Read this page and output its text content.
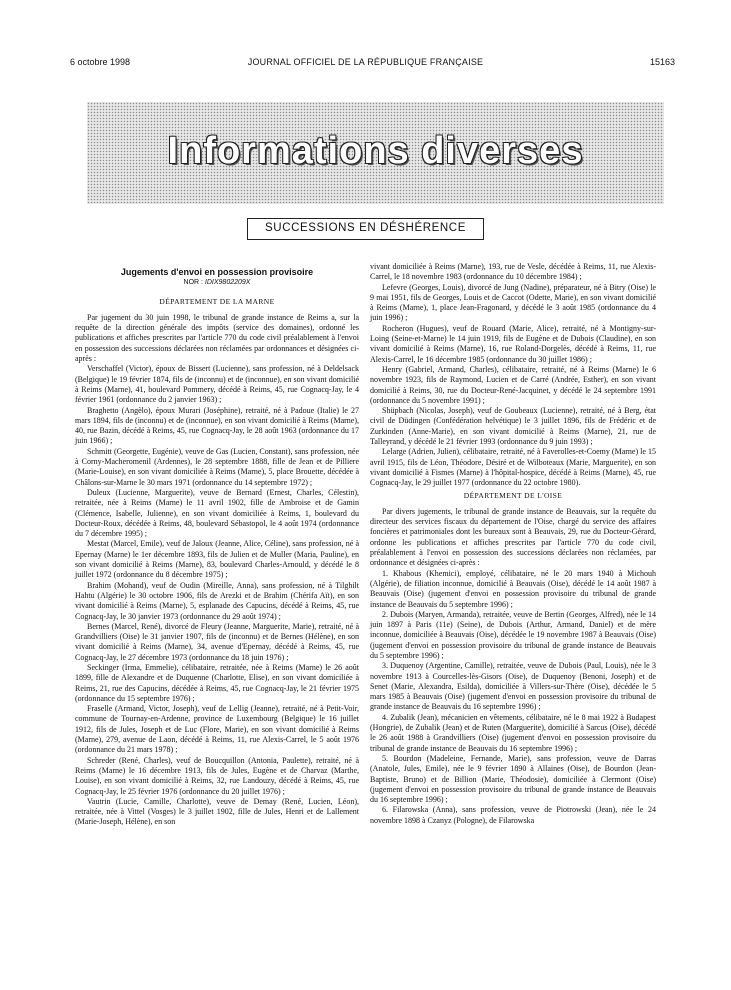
6 octobre 1998	JOURNAL OFFICIEL DE LA RÉPUBLIQUE FRANÇAISE	15163
Informations diverses
SUCCESSIONS EN DÉSHÉRENCE
Jugements d'envoi en possession provisoire
NOR : IDIX9802209X
DÉPARTEMENT DE LA MARNE

Par jugement du 30 juin 1998, le tribunal de grande instance de Reims a, sur la requête de la direction générale des impôts (service des domaines), ordonné les publications et affiches prescrites par l'article 770 du code civil préalablement à l'envoi en possession des successions déclarées non réclamées par ordonnances et désignées ci-après :

Verschaffel (Victor), époux de Bissert (Lucienne), sans profession, né à Deldelsack (Belgique) le 19 février 1874, fils de (inconnu) et de (inconnue), en son vivant domicilié à Reims (Marne), 41, boulevard Pommery, décédé à Reims, 45, rue Cognacq-Jay, le 4 février 1961 (ordonnance du 2 janvier 1963) ;

Braghetto (Angèlo), époux Murari (Joséphine), retraité, né à Padoue (Italie) le 27 mars 1894, fils de (inconnu) et de (inconnue), en son vivant domicilié à Reims (Marne), 40, rue Bazin, décédé à Reims, 45, rue Cognacq-Jay, le 28 août 1963 (ordonnance du 17 juin 1966) ;

Schmitt (Georgette, Eugénie), veuve de Gas (Lucien, Constant), sans profession, née à Corny-Macheromenil (Ardennes), le 28 septembre 1888, fille de Jean et de Pilliere (Marie-Louise), en son vivant domiciliée à Reims (Marne), 5, place Brouette, décédée à Châlons-sur-Marne le 30 mars 1971 (ordonnance du 14 septembre 1972) ;

Duleux (Lucienne, Marguerite), veuve de Bernard (Ernest, Charles, Célestin), retraitée, née à Reims (Marne) le 11 avril 1902, fille de Ambroise et de Gamin (Clémence, Isabelle, Julienne), en son vivant domiciliée à Reims, 1, boulevard du Docteur-Roux, décédée à Reims, 48, boulevard Sébastopol, le 4 août 1974 (ordonnance du 7 décembre 1995) ;

Mestat (Marcel, Emile), veuf de Jaloux (Jeanne, Alice, Céline), sans profession, né à Epernay (Marne) le 1er décembre 1893, fils de Julien et de Muller (Maria, Pauline), en son vivant domicilié à Reims (Marne), 83, boulevard Charles-Arnould, y décédé le 8 juillet 1972 (ordonnance du 8 décembre 1975) ;

Brahim (Mohand), veuf de Oudin (Mireille, Anna), sans profession, né à Tilghilt Hahtu (Algérie) le 30 octobre 1906, fils de Arezki et de Brahim (Chérifa Aït), en son vivant domicilié à Reims (Marne), 5, esplanade des Capucins, décédé à Reims, 45, rue Cognacq-Jay, le 30 janvier 1973 (ordonnance du 29 août 1974) ;

Bernes (Marcel, René), divorcé de Fleury (Jeanne, Marguerite, Marie), retraité, né à Grandvilliers (Oise) le 31 janvier 1907, fils de (inconnu) et de Bernes (Hélène), en son vivant domicilié à Reims (Marne), 34, avenue d'Epernay, décédé à Reims, 45, rue Cognacq-Jay, le 27 décembre 1973 (ordonnance du 18 juin 1976) ;

Seckinger (Irma, Emmelie), célibataire, retraitée, née à Reims (Marne) le 26 août 1899, fille de Alexandre et de Duquenne (Charlotte, Elise), en son vivant domiciliée à Reims, 21, rue des Capucins, décédée à Reims, 45, rue Cognacq-Jay, le 21 février 1975 (ordonnance du 15 septembre 1976) ;

Fraselle (Armand, Victor, Joseph), veuf de Lellig (Jeanne), retraité, né à Petit-Voir, commune de Tournay-en-Ardenne, province de Luxembourg (Belgique) le 16 juillet 1912, fils de Jules, Joseph et de Luc (Flore, Marie), en son vivant domicilié à Reims (Marne), 279, avenue de Laon, décédé à Reims, 11, rue Alexis-Carrel, le 5 août 1976 (ordonnance du 21 mars 1978) ;

Schreder (René, Charles), veuf de Boucquillon (Antonia, Paulette), retraité, né à Reims (Marne) le 16 décembre 1913, fils de Jules, Eugène et de Charvaz (Marthe, Louise), en son vivant domicilié à Reims, 32, rue Landouzy, décédé à Reims, 45, rue Cognacq-Jay, le 25 février 1976 (ordonnance du 20 juillet 1976) ;

Vautrin (Lucie, Camille, Charlotte), veuve de Demay (René, Lucien, Léon), retraitée, née à Vittel (Vosges) le 3 juillet 1902, fille de Jules, Henri et de Lallement (Marie-Joseph, Hélène), en son

vivant domiciliée à Reims (Marne), 193, rue de Vesle, décédée à Reims, 11, rue Alexis-Carrel, le 18 novembre 1983 (ordonnance du 10 décembre 1984) ;

Lefevre (Georges, Louis), divorcé de Jung (Nadine), préparateur, né à Bitry (Oise) le 9 mai 1951, fils de Georges, Louis et de Caccot (Odette, Marie), en son vivant domicilié à Reims (Marne), 1, place Jean-Fragonard, y décédé le 3 août 1985 (ordonnance du 4 juin 1996) ;

Rocheron (Hugues), veuf de Rouard (Marie, Alice), retraité, né à Montigny-sur-Loing (Seine-et-Marne) le 14 juin 1919, fils de Eugène et de Dubois (Claudine), en son vivant domicilié à Reims (Marne), 16, rue Roland-Dorgelès, décédé à Reims, 11, rue Alexis-Carrel, le 16 décembre 1985 (ordonnance du 30 juillet 1986) ;

Henry (Gabriel, Armand, Charles), célibataire, retraité, né à Reims (Marne) le 6 novembre 1923, fils de Raymond, Lucien et de Carré (Andrée, Esther), en son vivant domicilié à Reims, 30, rue du Docteur-René-Jacquinet, y décédé le 24 septembre 1991 (ordonnance du 5 novembre 1991) ;

Shüpbach (Nicolas, Joseph), veuf de Goubeaux (Lucienne), retraité, né à Berg, état civil de Düdingen (Confédération helvétique) le 3 juillet 1896, fils de Frédéric et de Zurkinden (Anne-Marie), en son vivant domicilié à Reims (Marne), 21, rue de Talleyrand, y décédé le 21 février 1993 (ordonnance du 9 juin 1993) ;

Lelarge (Adrien, Julien), célibataire, retraité, né à Faverolles-et-Coemy (Marne) le 15 avril 1915, fils de Léon, Théodore, Désiré et de Wilboteaux (Marie, Marguerite), en son vivant domicilié à Fismes (Marne) à l'hôpital-hospice, décédé à Reims (Marne), 45, rue Cognacq-Jay, le 29 juillet 1977 (ordonnance du 22 octobre 1980).

DÉPARTEMENT DE L'OISE

Par divers jugements, le tribunal de grande instance de Beauvais, sur la requête du directeur des services fiscaux du département de l'Oise, chargé du service des affaires foncières et patrimoniales dont les bureaux sont à Beauvais, 29, rue du Docteur-Gérard, ordonne les publications et affiches prescrites par l'article 770 du code civil, préalablement à l'envoi en possession des successions déclarées non réclamées, par ordonnance et désignées ci-après :

1. Khabous (Khemici), employé, célibataire, né le 20 mars 1940 à Michouh (Algérie), de filiation inconnue, domicilié à Beauvais (Oise), décédé le 14 août 1987 à Beauvais (Oise) (jugement d'envoi en possession provisoire du tribunal de grande instance de Beauvais du 5 septembre 1996) ;

2. Dubois (Maryen, Armanda), retraitée, veuve de Bertin (Georges, Alfred), née le 14 juin 1897 à Paris (11e) (Seine), de Dubois (Arthur, Armand, Daniel) et de mère inconnue, domiciliée à Beauvais (Oise), décédée le 19 novembre 1987 à Beauvais (Oise) (jugement d'envoi en possession provisoire du tribunal de grande instance de Beauvais du 5 septembre 1996) ;

3. Duquenoy (Argentine, Camille), retraitée, veuve de Dubois (Paul, Louis), née le 3 novembre 1913 à Courcelles-lès-Gisors (Oise), de Duquenoy (Benoni, Joseph) et de Senet (Marie, Alexandra, Esilda), domiciliée à Villers-sur-Thère (Oise), décédée le 5 mars 1985 à Beauvais (Oise) (jugement d'envoi en possession provisoire du tribunal de grande instance de Beauvais du 16 septembre 1996) ;

4. Zubalik (Jean), mécanicien en vêtements, célibataire, né le 8 mai 1922 à Budapest (Hongrie), de Zubalik (Jean) et de Ruten (Marguerite), domicilié à Sarcus (Oise), décédé le 26 août 1988 à Grandvilliers (Oise) (jugement d'envoi en possession provisoire du tribunal de grande instance de Beauvais du 16 septembre 1996) ;

5. Bourdon (Madeleine, Fernande, Marie), sans profession, veuve de Darras (Anatole, Jules, Emile), née le 9 février 1890 à Allaines (Oise), de Bourdon (Jean-Baptiste, Bruno) et de Billion (Marie, Théodosie), domiciliée à Clermont (Oise) (jugement d'envoi en possession provisoire du tribunal de grande instance de Beauvais du 16 septembre 1996) ;

6. Filarowska (Anna), sans profession, veuve de Piotrowski (Jean), née le 24 novembre 1898 à Czanyz (Pologne), de Filarowska
